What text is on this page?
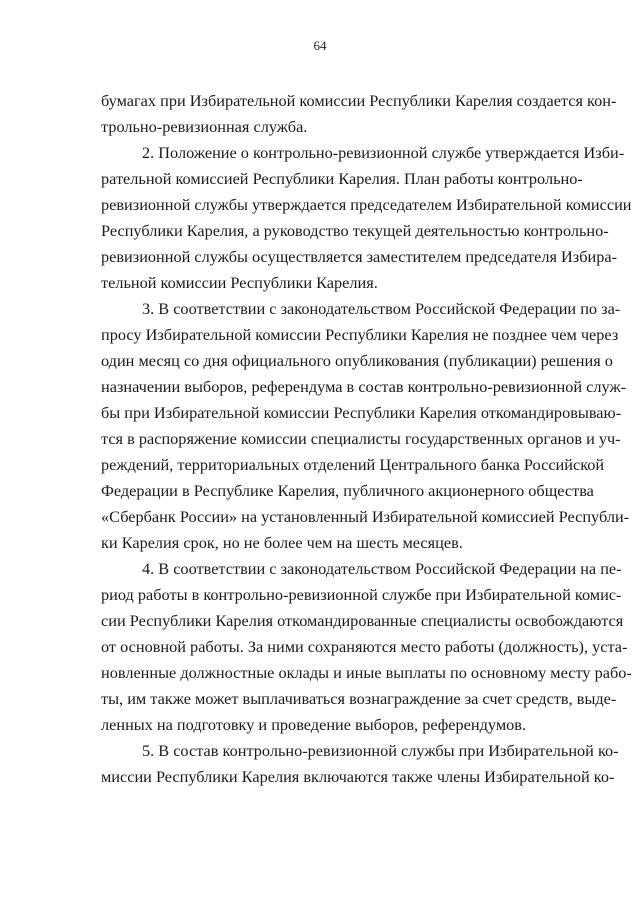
64
бумагах при Избирательной комиссии Республики Карелия создается кон-
трольно-ревизионная служба.
2. Положение о контрольно-ревизионной службе утверждается Изби-
рательной комиссией Республики Карелия. План работы контрольно-
ревизионной службы утверждается председателем Избирательной комиссии
Республики Карелия, а руководство текущей деятельностью контрольно-
ревизионной службы осуществляется заместителем председателя Избира-
тельной комиссии Республики Карелия.
3. В соответствии с законодательством Российской Федерации по за-
просу Избирательной комиссии Республики Карелия не позднее чем через
один месяц со дня официального опубликования (публикации) решения о
назначении выборов, референдума в состав контрольно-ревизионной служ-
бы при Избирательной комиссии Республики Карелия откомандировываю-
тся в распоряжение комиссии специалисты государственных органов и уч-
реждений, территориальных отделений Центрального банка Российской
Федерации в Республике Карелия, публичного акционерного общества
«Сбербанк России» на установленный Избирательной комиссией Республи-
ки Карелия срок, но не более чем на шесть месяцев.
4. В соответствии с законодательством Российской Федерации на пе-
риод работы в контрольно-ревизионной службе при Избирательной комис-
сии Республики Карелия откомандированные специалисты освобождаются
от основной работы. За ними сохраняются место работы (должность), уста-
новленные должностные оклады и иные выплаты по основному месту рабо-
ты, им также может выплачиваться вознаграждение за счет средств, выде-
ленных на подготовку и проведение выборов, референдумов.
5. В состав контрольно-ревизионной службы при Избирательной ко-
миссии Республики Карелия включаются также члены Избирательной ко-
